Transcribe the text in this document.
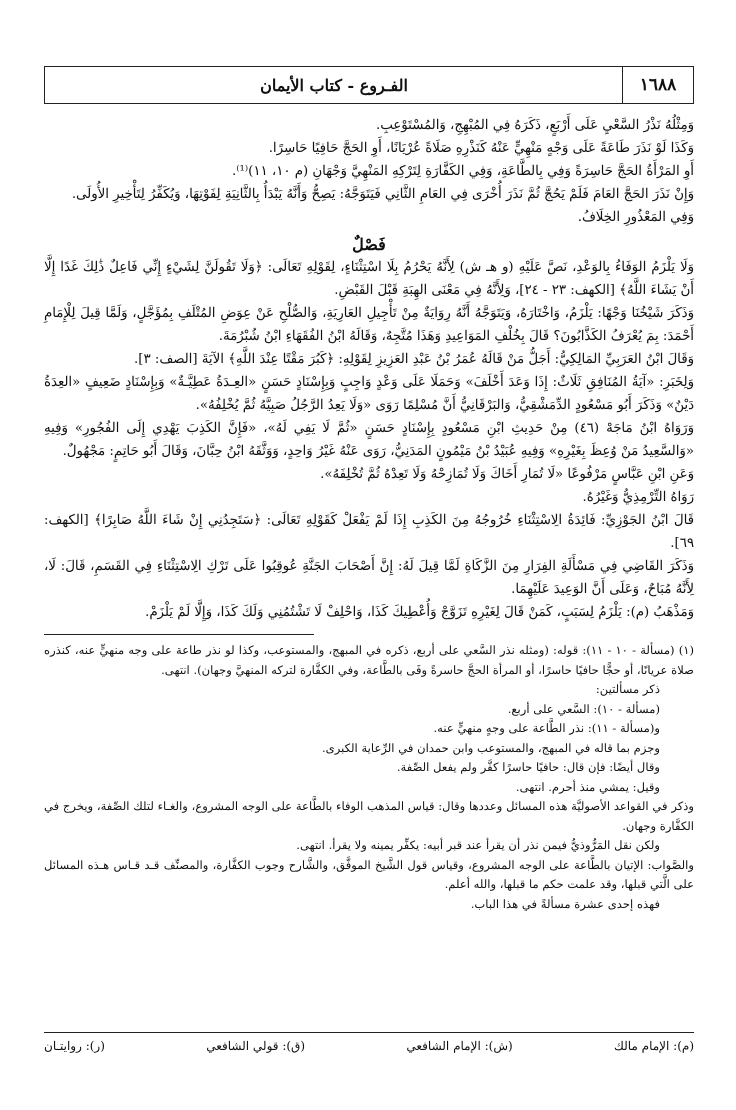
١٦٨٨
الفـروع - كتاب الأيمان

وَمِثْلُهُ نَذْرُ السَّعْيِ عَلَى أَرْبَعٍ، ذَكَرَهُ فِي المُبْهِجِ، وَالمُسْتَوْعِبِ.

وَكَذَا لَوْ نَذَرَ طَاعَةً عَلَى وَجْهٍ مَنْهِيٍّ عَنْهُ كَنَذْرِهِ صَلَاةً عُرْيَانًا، أَوِ الحَجَّ حَافِيًا حَاسِرًا.

أَوِ المَرْأَةُ الحَجَّ حَاسِرَةً وَفِي بِالطَّاعَةِ، وَفِي الكَفَّارَةِ لِتَرْكِهِ المَنْهِيَّ وَجْهَانِ (م ١٠، ١١)⁽¹⁾.

وَإِنْ نَذَرَ الحَجَّ العَامَ فَلَمْ يَحُجَّ ثُمَّ نَذَرَ أُخْرَى فِي العَامِ الثَّانِي فَيَتَوَجَّهُ: يَصِحُّ وَأَنَّهُ يَبْدَأُ بِالثَّانِيَةِ لِفَوْتِهَا، وَيُكَفِّرُ لِتَأْخِيرِ الأُولَى.

وَفِي المَعْذُورِ الخِلَافُ.

فَصْلٌ

وَلَا يَلْزَمُ الوَفَاءُ بِالوَعْدِ، نَصَّ عَلَيْهِ (و هـ ش) لِأَنَّهُ يَحْرُمُ بِلَا اسْتِثْنَاءٍ، لِقَوْلِهِ تَعَالَى: ﴿وَلَا تَقُولَنَّ لِشَيْءٍ إِنِّي فَاعِلٌ ذَٰلِكَ غَدًا إِلَّا أَنْ يَشَاءَ اللَّهُ﴾ [الكهف: ٢٣ - ٢٤]، وَلِأَنَّهُ فِي مَعْنَى الهِبَةِ قَبْلَ القَبْضِ.

وَذَكَرَ شَيْخُنَا وَجْهًا: يَلْزَمُ، وَاخْتَارَهُ، وَيَتَوَجَّهُ أَنَّهُ رِوَايَةٌ مِنْ تَأْجِيلِ العَارِيَةِ، وَالصُّلْحِ عَنْ عِوَضِ المُتْلَفِ بِمُؤَجَّلٍ، وَلَمَّا قِيلَ لِلْإِمَامِ أَحْمَدَ: بِمَ يُعْرَفُ الكَذَّابُونَ؟ قَالَ بِخُلْفِ المَوَاعِيدِ وَهَذَا مُتَّجِهٌ، وَقَالَهُ ابْنُ الفُقَهَاءِ ابْنُ شُبْرُمَةَ.

وَقَالَ ابْنُ العَرَبِيِّ المَالِكِيُّ: أَجَلُّ مَنْ قَالَهُ عُمَرُ بْنُ عَبْدِ العَزِيزِ لِقَوْلِهِ: ﴿كَبُرَ مَقْتًا عِنْدَ اللَّهِ﴾ الآيَةَ [الصف: ٣].

وَلِخَبَرِ: «آيَةُ المُنَافِقِ ثَلَاثٌ: إِذَا وَعَدَ أَخْلَفَ» وَحَمَلَا عَلَى وَعْدٍ وَاجِبٍ وَبِإِسْنَادٍ حَسَنٍ «العِـدَةُ عَطِيَّـةٌ» وَبِإِسْنَادٍ ضَعِيفٍ «العِدَةُ دَيْنٌ» وَذَكَرَ أَبُو مَسْعُودٍ الدِّمَشْقِيُّ، وَالبَرْقَانِيُّ أَنَّ مُسْلِمًا رَوَى «وَلَا يَعِدُ الرَّجُلُ صَبِيَّهُ ثُمَّ يُخْلِفُهُ».

وَرَوَاهُ ابْنُ مَاجَهْ (٤٦) مِنْ حَدِيثِ ابْنِ مَسْعُودٍ بِإِسْنَادٍ حَسَنٍ «ثُمَّ لَا يَفِي لَهُ»، «فَإِنَّ الكَذِبَ يَهْدِي إِلَى الفُجُورِ» وَفِيهِ «وَالسَّعِيدُ مَنْ وُعِظَ بِغَيْرِهِ» وَفِيهِ عُبَيْدُ بْنُ مَيْمُونٍ المَدَنِيُّ، رَوَى عَنْهُ غَيْرُ وَاحِدٍ، وَوَثَّقَهُ ابْنُ حِبَّانَ، وَقَالَ أَبُو حَاتِمٍ: مَجْهُولٌ.

وَعَنِ ابْنِ عَبَّاسٍ مَرْفُوعًا «لَا تُمَارِ أَخَاكَ وَلَا تُمَازِحْهُ وَلَا تَعِدْهُ ثُمَّ تُخْلِفَهُ».

رَوَاهُ التِّرْمِذِيُّ وَغَيْرُهُ.

قَالَ ابْنُ الجَوْزِيِّ: فَائِدَةُ الِاسْتِثْنَاءِ خُرُوجُهُ مِنَ الكَذِبِ إِذَا لَمْ يَفْعَلْ كَقَوْلِهِ تَعَالَى: ﴿سَتَجِدُنِي إِنْ شَاءَ اللَّهُ صَابِرًا﴾ [الكهف: ٦٩].

وَذَكَرَ القَاضِي فِي مَسْأَلَةِ الفِرَارِ مِنَ الزَّكَاةِ لَمَّا قِيلَ لَهُ: إِنَّ أَصْحَابَ الجَنَّةِ عُوقِبُوا عَلَى تَرْكِ الِاسْتِثْنَاءِ فِي القَسَمِ، قَالَ: لَا، لِأَنَّهُ مُبَاحٌ، وَعَلَى أَنَّ الوَعِيدَ عَلَيْهِمَا.

وَمَذْهَبُ (م): يَلْزَمُ لِسَبَبٍ، كَمَنْ قَالَ لِغَيْرِهِ تَزَوَّجْ وَأُعْطِيكَ كَذَا، وَاحْلِفْ لَا تَشْتُمُنِي وَلَكَ كَذَا، وَإِلَّا لَمْ يَلْزَمْ.

(١) (مسألة - ١٠ - ١١): قوله: (ومثله نذر السَّعي على أربع، ذكره في المبهج، والمستوعب، وكذا لو نذر طاعة على وجه منهيٍّ عنه، كنذره صلاة عريانًا، أو حجًّا حافيًا حاسرًا، أو المرأة الحجَّ حاسرةً وفَى بالطَّاعة، وفي الكفَّارة لتركه المنهيَّ وجهان). انتهى.

ذكر مسألتين:

(مسألة - ١٠): السَّعي على أربع.

و(مسألة - ١١): نذر الطَّاعة على وجهٍ منهيٍّ عنه.

وجزم بما قاله في المبهج، والمستوعب وابن حمدان في الرِّعاية الكبرى.

وقال أيضًا: فإن قال: حافيًا حاسرًا كفَّر ولم يفعل الصِّفة.

وقيل: يمشي منذ أحرم. انتهى.

وذكر في القواعد الأصوليَّة هذه المسائل وعددها وقال: قياس المذهب الوفاء بالطَّاعة على الوجه المشروع، والغـاء لتلك الصِّفة، ويخرج في الكفَّارة وجهان.

ولكن نقل المَرُّوذيُّ فيمن نذر أن يقرأ عند قبر أبيه: يكفِّر يمينه ولا يقرأ. انتهى.

والصَّواب: الإتيان بالطَّاعة على الوجه المشروع، وقياس قول الشَّيخ الموفَّق، والشَّارح وجوب الكفَّارة، والمصنِّف قـد قـاس هـذه المسائل على الَّتي قبلها، وقد علمت حكم ما قبلها، والله أعلم.

فهذه إحدى عشرة مسألةً في هذا الباب.

(م): الإمام مالك
(ش): الإمام الشافعي
(ق): قولي الشافعي
(ر): روايتـان
